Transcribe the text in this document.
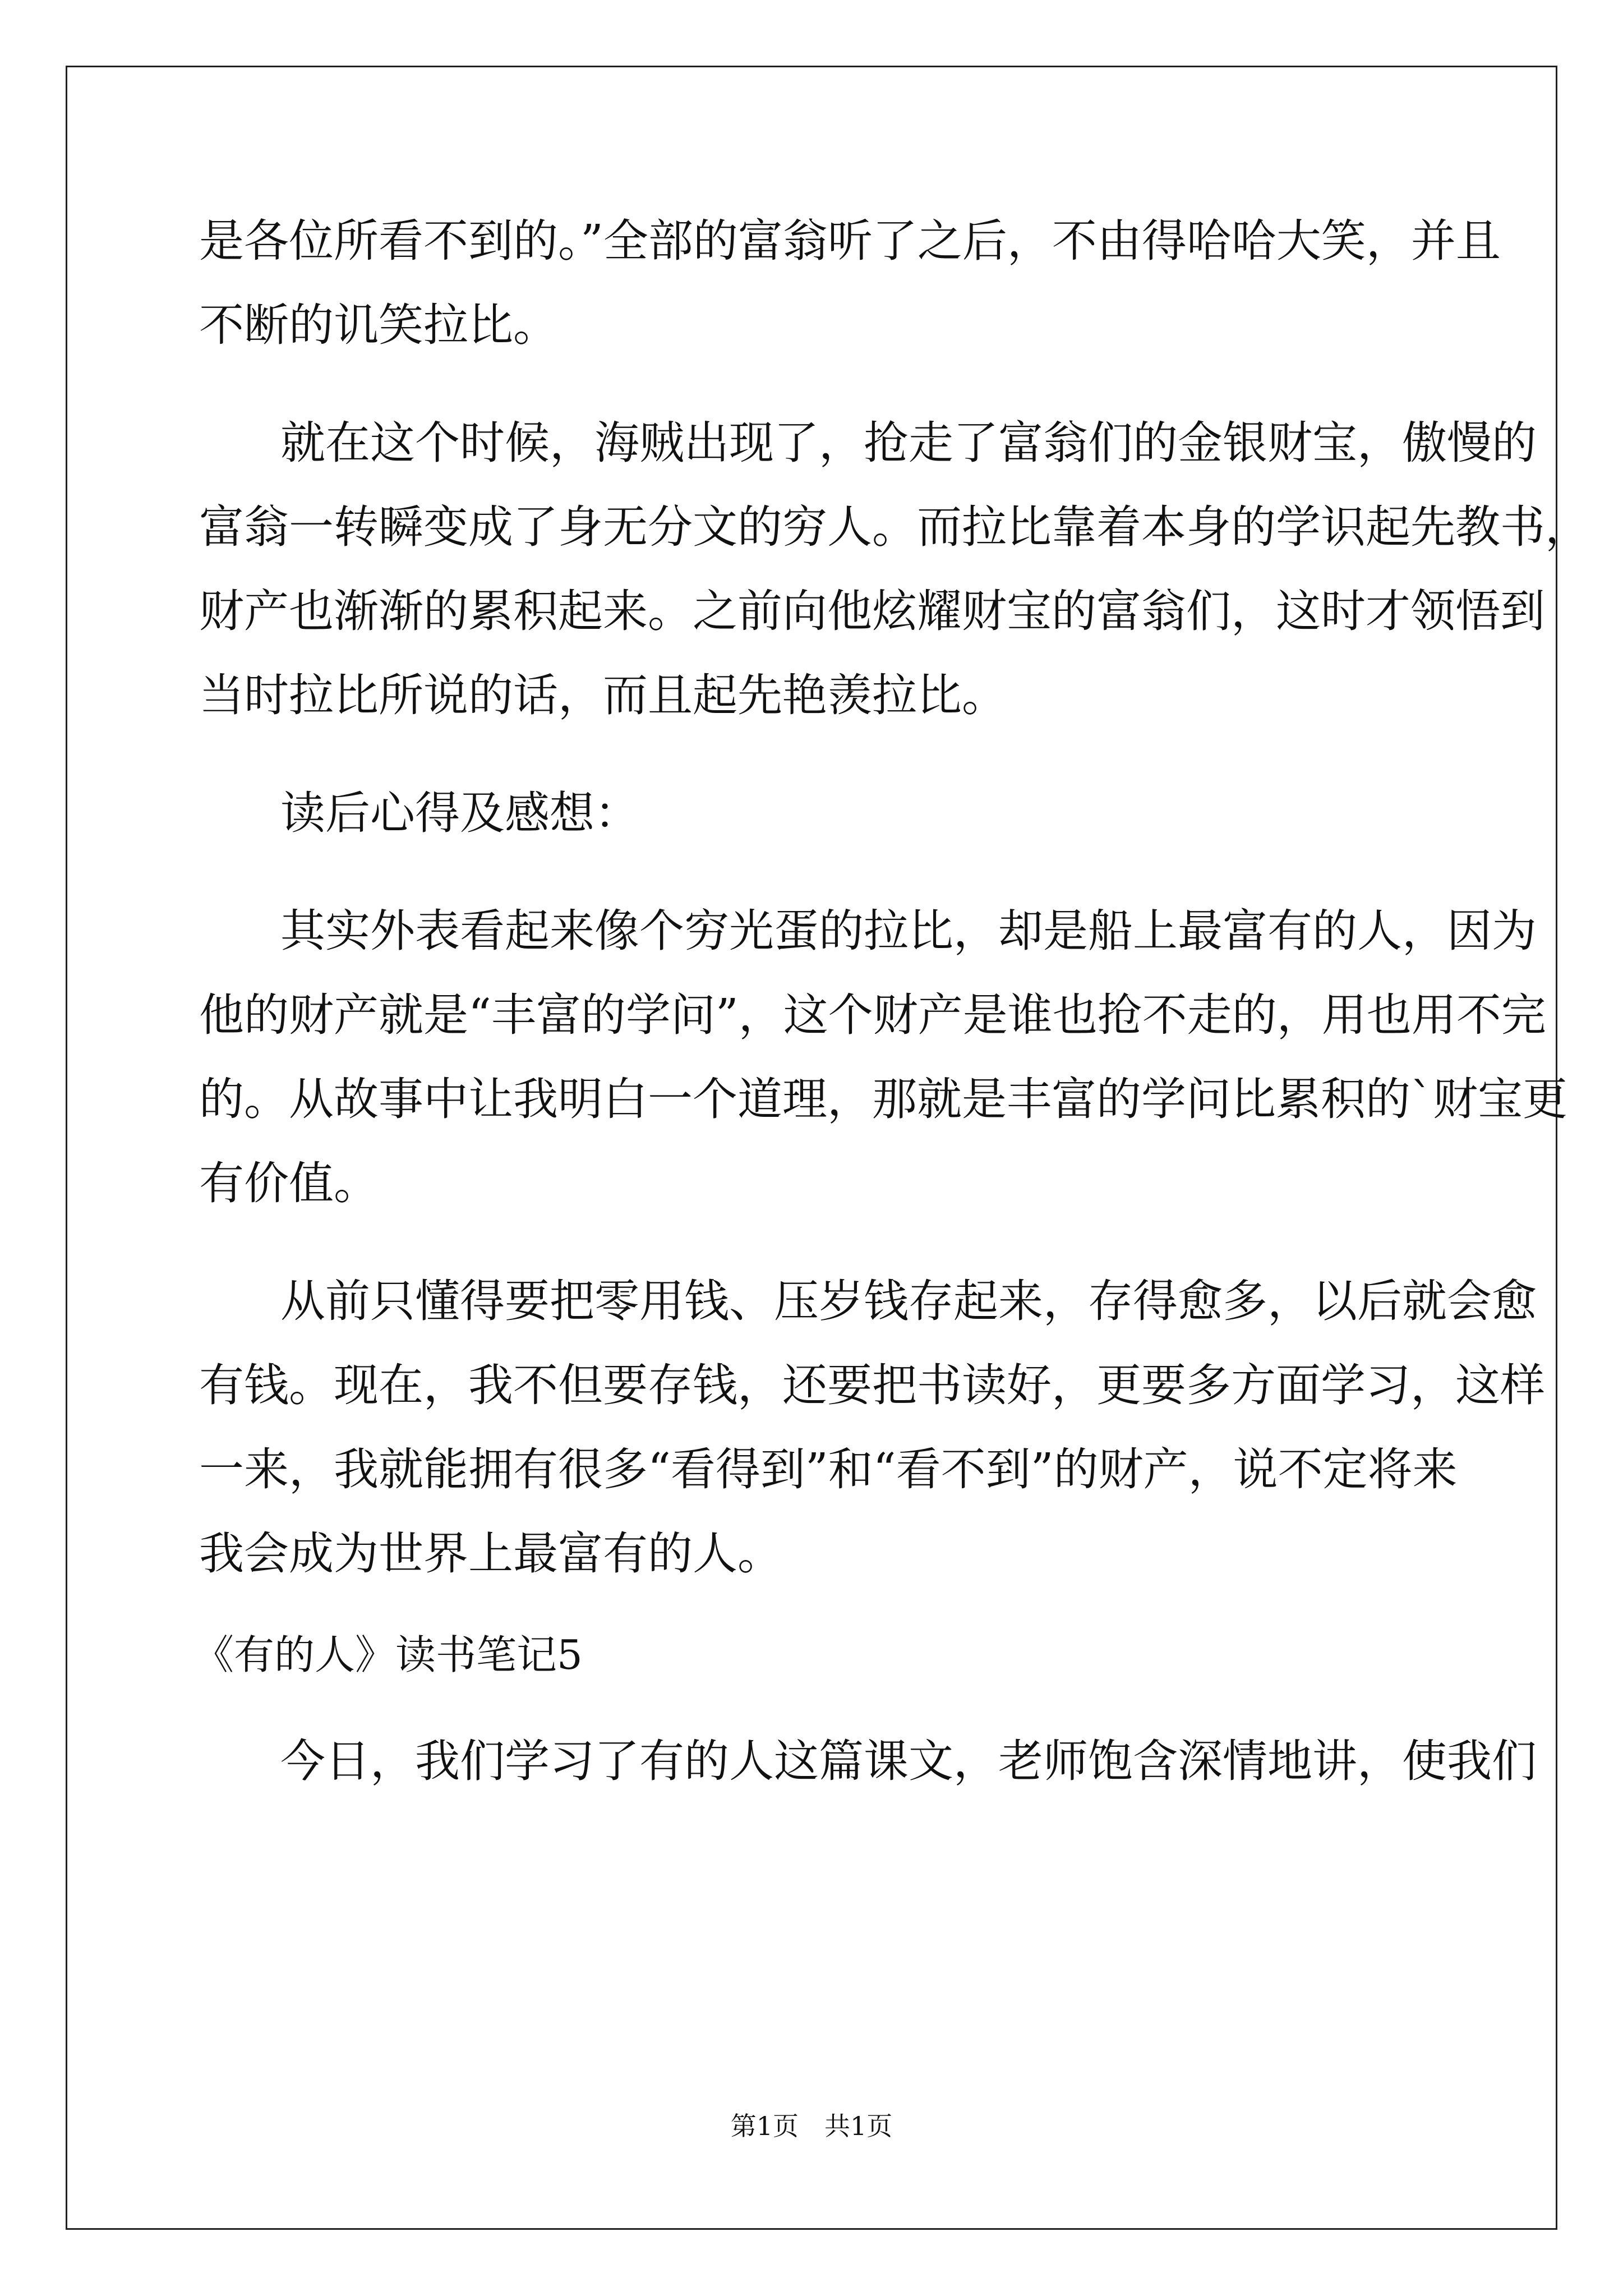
是各位所看不到的。”全部的富翁听了之后，不由得哈哈大笑，并且
不断的讥笑拉比。
就在这个时候，海贼出现了，抢走了富翁们的金银财宝，傲慢的
富翁一转瞬变成了身无分文的穷人。而拉比靠着本身的学识起先教书，
财产也渐渐的累积起来。之前向他炫耀财宝的富翁们，这时才领悟到
当时拉比所说的话，而且起先艳羡拉比。
读后心得及感想：
其实外表看起来像个穷光蛋的拉比，却是船上最富有的人，因为
他的财产就是“丰富的学问”，这个财产是谁也抢不走的，用也用不完
的。从故事中让我明白一个道理，那就是丰富的学问比累积的`财宝更
有价值。
从前只懂得要把零用钱、压岁钱存起来，存得愈多，以后就会愈
有钱。现在，我不但要存钱，还要把书读好，更要多方面学习，这样
一来，我就能拥有很多“看得到”和“看不到”的财产，说不定将来
我会成为世界上最富有的人。
《有的人》读书笔记5
今日，我们学习了有的人这篇课文，老师饱含深情地讲，使我们
第1页　共1页
